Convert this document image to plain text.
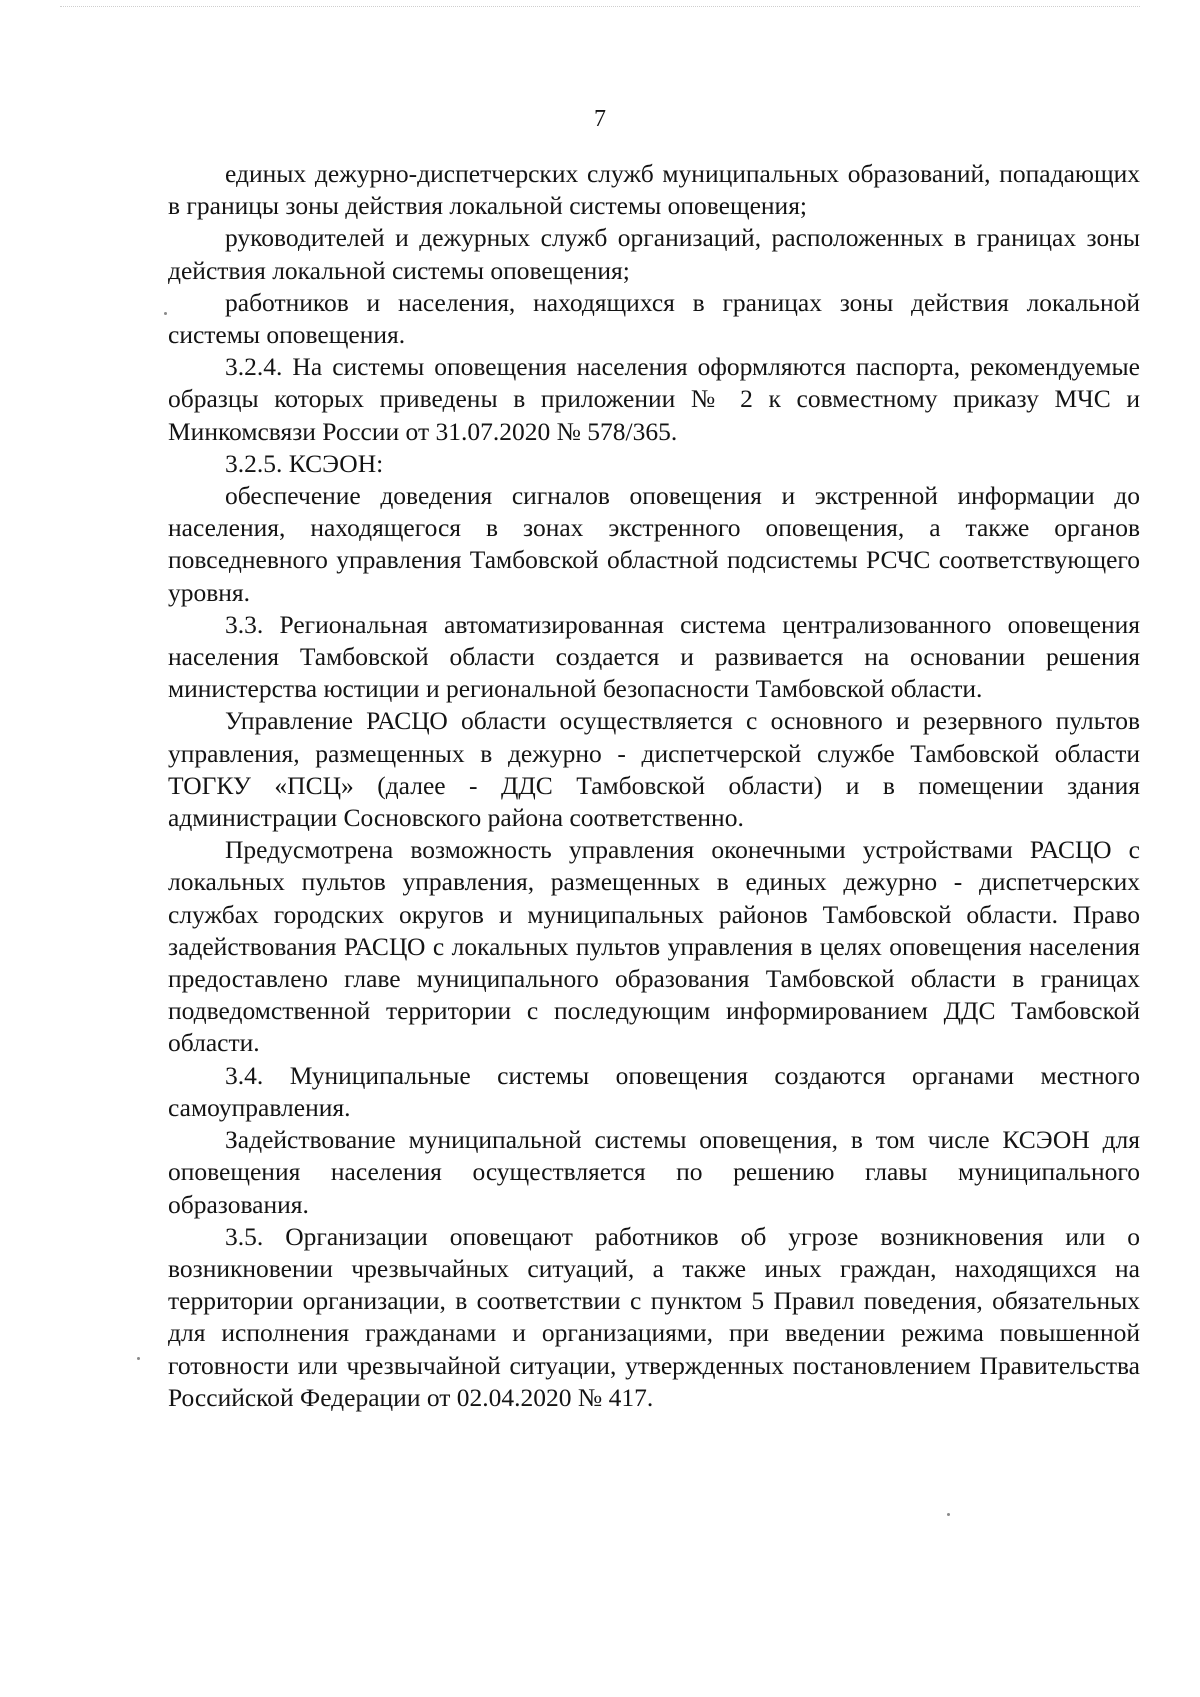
7

единых дежурно-диспетчерских служб муниципальных образований, попадающих в границы зоны действия локальной системы оповещения;

руководителей и дежурных служб организаций, расположенных в границах зоны действия локальной системы оповещения;

работников и населения, находящихся в границах зоны действия локальной системы оповещения.

3.2.4. На системы оповещения населения оформляются паспорта, рекомендуемые образцы которых приведены в приложении № 2 к совместному приказу МЧС и Минкомсвязи России от 31.07.2020 № 578/365.

3.2.5. КСЭОН:

обеспечение доведения сигналов оповещения и экстренной информации до населения, находящегося в зонах экстренного оповещения, а также органов повседневного управления Тамбовской областной подсистемы РСЧС соответствующего уровня.

3.3. Региональная автоматизированная система централизованного оповещения населения Тамбовской области создается и развивается на основании решения министерства юстиции и региональной безопасности Тамбовской области.

Управление РАСЦО области осуществляется с основного и резервного пультов управления, размещенных в дежурно - диспетчерской службе Тамбовской области ТОГКУ «ПСЦ» (далее - ДДС Тамбовской области) и в помещении здания администрации Сосновского района соответственно.

Предусмотрена возможность управления оконечными устройствами РАСЦО с локальных пультов управления, размещенных в единых дежурно - диспетчерских службах городских округов и муниципальных районов Тамбовской области. Право задействования РАСЦО с локальных пультов управления в целях оповещения населения предоставлено главе муниципального образования Тамбовской области в границах подведомственной территории с последующим информированием ДДС Тамбовской области.

3.4. Муниципальные системы оповещения создаются органами местного самоуправления.

Задействование муниципальной системы оповещения, в том числе КСЭОН для оповещения населения осуществляется по решению главы муниципального образования.

3.5. Организации оповещают работников об угрозе возникновения или о возникновении чрезвычайных ситуаций, а также иных граждан, находящихся на территории организации, в соответствии с пунктом 5 Правил поведения, обязательных для исполнения гражданами и организациями, при введении режима повышенной готовности или чрезвычайной ситуации, утвержденных постановлением Правительства Российской Федерации от 02.04.2020 № 417.
